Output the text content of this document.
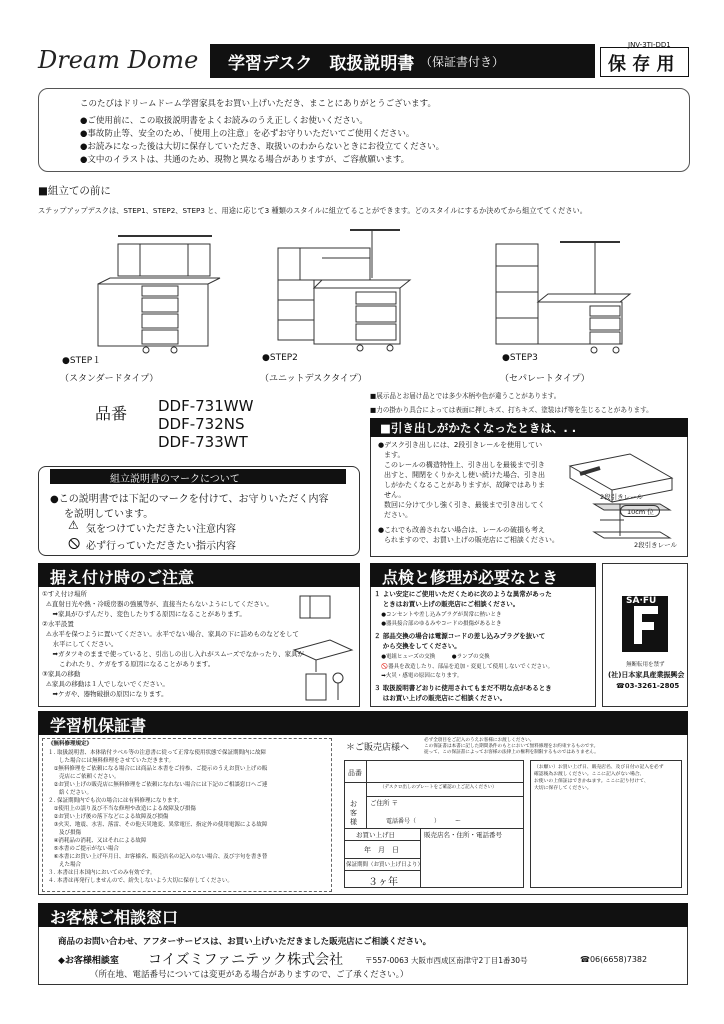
Dream Dome 学習デスク　取扱説明書 （保証書付き）
JNV-3TI-DD1
保 存 用
このたびはドリームドーム学習家具をお買い上げいただき、まことにありがとうございます。
●ご使用前に、この取扱説明書をよくお読みのうえ正しくお使いください。
●事故防止等、安全のため、「使用上の注意」を必ずお守りいただいてご使用ください。
●お読みになった後は大切に保存していただき、取扱いのわからないときにお役立てください。
●文中のイラストは、共通のため、現物と異なる場合がありますが、ご容赦願います。
■組立ての前に
ステップアップデスクは、STEP1、STEP2、STEP3 と、用途に応じて3 種類のスタイルに組立てることができます。どのスタイルにするか決めてから組立ててください。
●STEP１
（スタンダードタイプ）
●STEP2
（ユニットデスクタイプ）
●STEP3
（セパレートタイプ）
品番 DDF-731WW
DDF-732NS
DDF-733WT
■展示品とお届け品とでは多少木柄や色が違うことがあります。
■力の掛かり具合によっては表面に押しキズ、打ちキズ、塗装はげ等を生じることがあります。
組立説明書のマークについて
●この説明書では下記のマークを付けて、お守りいただく内容
を説明しています。
⚠ 気をつけていただきたい注意内容
🛇 必ず行っていただきたい指示内容
■引き出しがかたくなったときは、. .
●デスク引き出しには、2段引きレールを使用してい
ます。
このレールの構造特性上、引き出しを最後まで引き
出すと、開閉をくりかえし使い続けた場合、引き出
しがかたくなることがありますが、故障ではありま
せん。
数回に分けて少し強く引き、最後まで引き出してく
ださい。
●これでも改善されない場合は、レールの破損も考え
られますので、お買い上げの販売店にご相談ください。
2段引きレール
10cm 位
2段引きレール
据え付け時のご注意
①すえ付け場所
⚠直射日光や熱・冷暖房器の強風等が、直接当たらないようにしてください。
　➡家具がひずんだり、変色したりする原因になることがあります。
②水平設置
⚠水平を保つように置いてください。水平でない場合、家具の下に詰めものなどをして
　水平にしてください。
　➡ガタツキのままで使っていると、引出しの出し入れがスムーズでなかったり、家具が
　　こわれたり、ケガをする原因になることがあります。
③家具の移動
⚠家具の移動は１人でしないでください。
　➡ケガや、器物破損の原因になります。
点検と修理が必要なとき
１ よい安定にご使用いただくために次のような異常があった
　 ときはお買い上げの販売店にご相談ください。
　 ●コンセントや差し込みプラグが異常に熱いとき
　 ●器具接合部のゆるみやコードの損傷があるとき
２ 部品交換の場合は電源コードの差し込みプラグを抜いて
　 から交換をしてください。
　 ●電組ヒューズの交換　　　●ランプの交換
　 🚫器具を改造したり、部品を追加・変更して使用しないでください。
　 ➡火災・感電の原因になります。
３ 取扱説明書どおりに使用されてもまだ不明な点があるとき
　 はお買い上げの販売店にご相談ください。
SA·FU
無断転用を禁ず
(社)日本家具産業振興会
☎03-3261-2805
学習机保証書
《無料修理規定》
１. 取扱説明書、本体貼付ラベル等の注意書に従って正常な使用状態で保証期間内に故障
　　した場合には無料修理をさせていただきます。
　①無料修理をご依頼になる場合には商品と本書をご持参、ご提示のうえお買い上げの販
　　売店にご依頼ください。
　②お買い上げの販売店に無料修理をご依頼になれない場合には下記のご相談窓口へご連
　　絡ください。
２. 保証期間内でも次の場合には有料修理になります。
　①使用上の誤り及び不当な修理や改造による故障及び損傷
　②お買い上げ後の落下などによる故障及び損傷
　③火災、地震、水害、落雷、その他天災地変、異常電圧、指定外の使用電源による故障
　　及び損傷
　④消耗品の消耗、又はそれによる故障
　⑤本書のご提示がない場合
　⑥本書にお買い上げ年月日、お客様名、販売店名の記入のない場合、及び字句を書き替
　　えた場合
３. 本書は日本国内においてのみ有効です。
４. 本書は再発行しませんので、紛失しないよう大切に保存してください。
＊ご販売店様へ
必ず全項目をご記入のうえお客様にお渡しください。
この保証書は本書に記した期間条件のもとにおいて無料修理をお約束するものです。
従って、この保証書によってお客様の法律上の権利を制限するものではありません。
品番
（デスクロ出しのプレートをご確認の上ご記入ください）
お客様
ご住所 〒
電話番号（　　　）　　　ー
お買い上げ日
年　月　日
販売店名・住所・電話番号
保証期間（お買い上げ日より）
３ヶ年
（お願い）お買い上げ日、販売店名、及び日付の記入を必ず
確認後為お渡しください。ここに記入がない場合、
お使いの上保証はできかねます。ここに記り付けて、
大切に保存してください。
お客様ご相談窓口
商品のお問い合わせ、アフターサービスは、お買い上げいただきました販売店にご相談ください。
◆お客様相談室 コイズミファニテック株式会社	〒557-0063 大阪市西成区南津守2丁目1番30号	☎06(6658)7382
（所在地、電話番号については変更がある場合がありますので、ご了承ください。）
